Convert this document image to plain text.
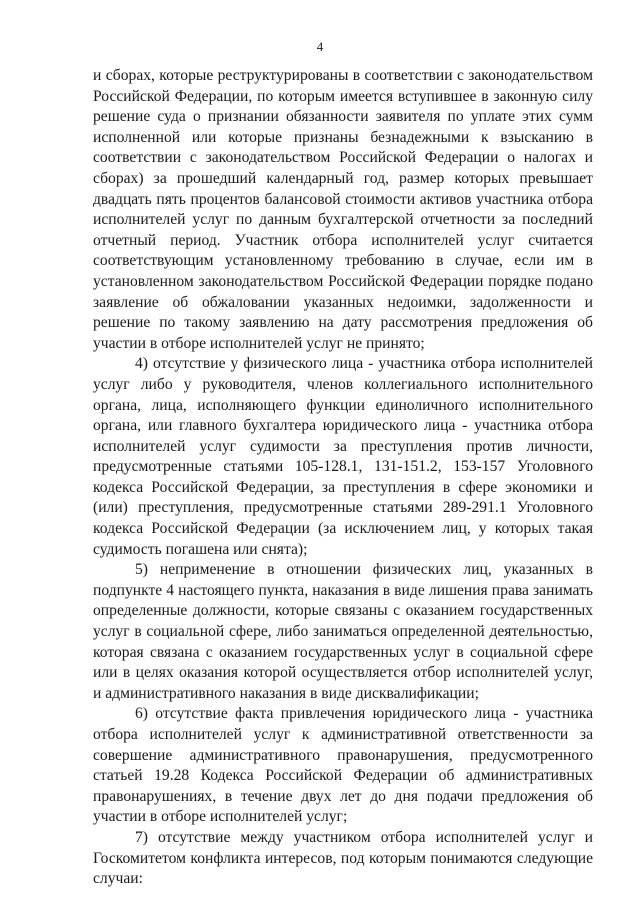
4

и сборах, которые реструктурированы в соответствии с законодательством Российской Федерации, по которым имеется вступившее в законную силу решение суда о признании обязанности заявителя по уплате этих сумм исполненной или которые признаны безнадежными к взысканию в соответствии с законодательством Российской Федерации о налогах и сборах) за прошедший календарный год, размер которых превышает двадцать пять процентов балансовой стоимости активов участника отбора исполнителей услуг по данным бухгалтерской отчетности за последний отчетный период. Участник отбора исполнителей услуг считается соответствующим установленному требованию в случае, если им в установленном законодательством Российской Федерации порядке подано заявление об обжаловании указанных недоимки, задолженности и решение по такому заявлению на дату рассмотрения предложения об участии в отборе исполнителей услуг не принято;

4) отсутствие у физического лица - участника отбора исполнителей услуг либо у руководителя, членов коллегиального исполнительного органа, лица, исполняющего функции единоличного исполнительного органа, или главного бухгалтера юридического лица - участника отбора исполнителей услуг судимости за преступления против личности, предусмотренные статьями 105-128.1, 131-151.2, 153-157 Уголовного кодекса Российской Федерации, за преступления в сфере экономики и (или) преступления, предусмотренные статьями 289-291.1 Уголовного кодекса Российской Федерации (за исключением лиц, у которых такая судимость погашена или снята);

5) неприменение в отношении физических лиц, указанных в подпункте 4 настоящего пункта, наказания в виде лишения права занимать определенные должности, которые связаны с оказанием государственных услуг в социальной сфере, либо заниматься определенной деятельностью, которая связана с оказанием государственных услуг в социальной сфере или в целях оказания которой осуществляется отбор исполнителей услуг, и административного наказания в виде дисквалификации;

6) отсутствие факта привлечения юридического лица - участника отбора исполнителей услуг к административной ответственности за совершение административного правонарушения, предусмотренного статьей 19.28 Кодекса Российской Федерации об административных правонарушениях, в течение двух лет до дня подачи предложения об участии в отборе исполнителей услуг;

7) отсутствие между участником отбора исполнителей услуг и Госкомитетом конфликта интересов, под которым понимаются следующие случаи:
